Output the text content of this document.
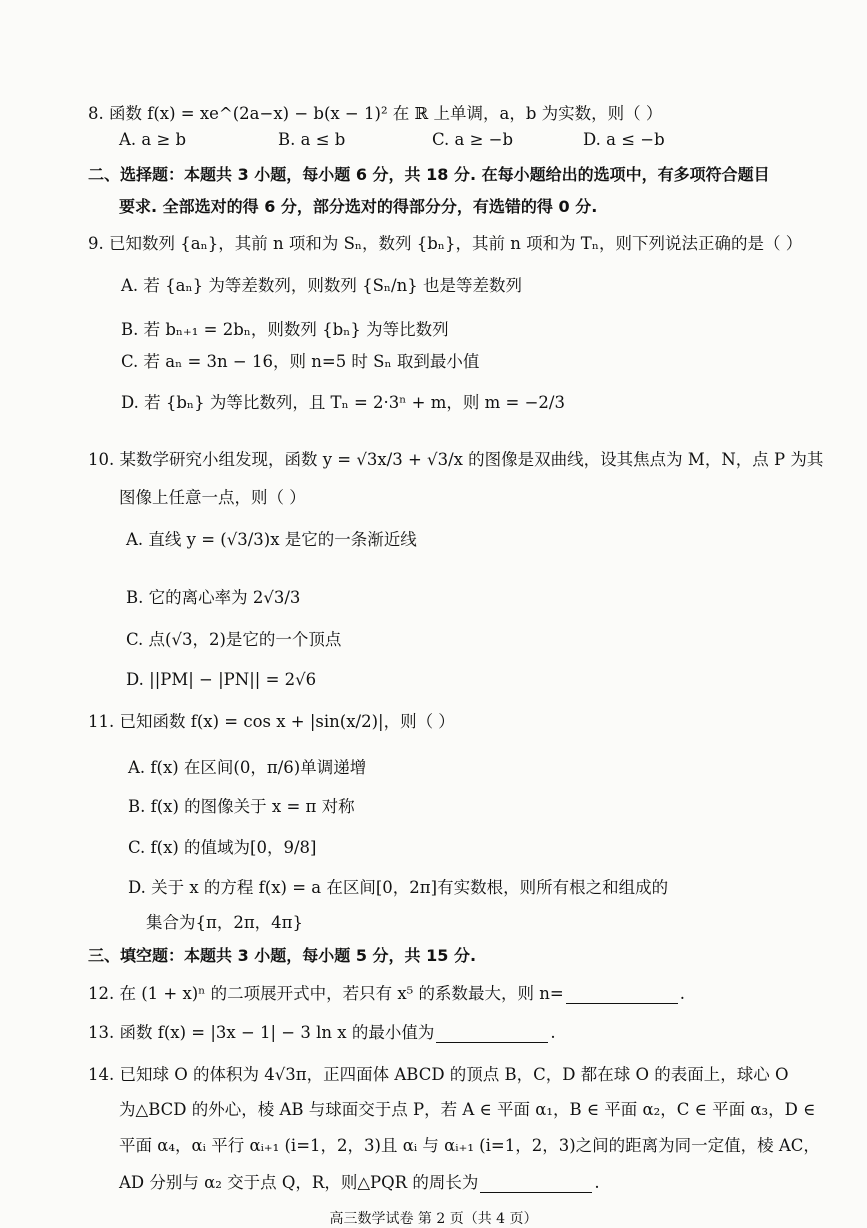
8. 函数 f(x) = xe^(2a−x) − b(x − 1)² 在 ℝ 上单调，a，b 为实数，则（ ）
A. a ≥ b	B. a ≤ b	C. a ≥ −b	D. a ≤ −b
二、选择题：本题共 3 小题，每小题 6 分，共 18 分. 在每小题给出的选项中，有多项符合题目
要求. 全部选对的得 6 分，部分选对的得部分分，有选错的得 0 分.
9. 已知数列 {aₙ}，其前 n 项和为 Sₙ，数列 {bₙ}，其前 n 项和为 Tₙ，则下列说法正确的是（ ）
A. 若 {aₙ} 为等差数列，则数列 {Sₙ/n} 也是等差数列
B. 若 bₙ₊₁ = 2bₙ，则数列 {bₙ} 为等比数列
C. 若 aₙ = 3n − 16，则 n=5 时 Sₙ 取到最小值
D. 若 {bₙ} 为等比数列，且 Tₙ = 2·3ⁿ + m，则 m = −2/3
10. 某数学研究小组发现，函数 y = √3x/3 + √3/x 的图像是双曲线，设其焦点为 M，N，点 P 为其
图像上任意一点，则（ ）
A. 直线 y = (√3/3)x 是它的一条渐近线
B. 它的离心率为 2√3/3
C. 点(√3，2)是它的一个顶点
D. ||PM| − |PN|| = 2√6
11. 已知函数 f(x) = cos x + |sin(x/2)|，则（ ）
A. f(x) 在区间(0，π/6)单调递增
B. f(x) 的图像关于 x = π 对称
C. f(x) 的值域为[0，9/8]
D. 关于 x 的方程 f(x) = a 在区间[0，2π]有实数根，则所有根之和组成的
集合为{π，2π，4π}
三、填空题：本题共 3 小题，每小题 5 分，共 15 分.
12. 在 (1 + x)ⁿ 的二项展开式中，若只有 x⁵ 的系数最大，则 n=	.
13. 函数 f(x) = |3x − 1| − 3 ln x 的最小值为	.
14. 已知球 O 的体积为 4√3π，正四面体 ABCD 的顶点 B，C，D 都在球 O 的表面上，球心 O
为△BCD 的外心，棱 AB 与球面交于点 P，若 A ∈ 平面 α₁，B ∈ 平面 α₂，C ∈ 平面 α₃，D ∈
平面 α₄，αᵢ 平行 αᵢ₊₁ (i=1，2，3)且 αᵢ 与 αᵢ₊₁ (i=1，2，3)之间的距离为同一定值，棱 AC，
AD 分别与 α₂ 交于点 Q，R，则△PQR 的周长为	.
高三数学试卷 第 2 页（共 4 页）
